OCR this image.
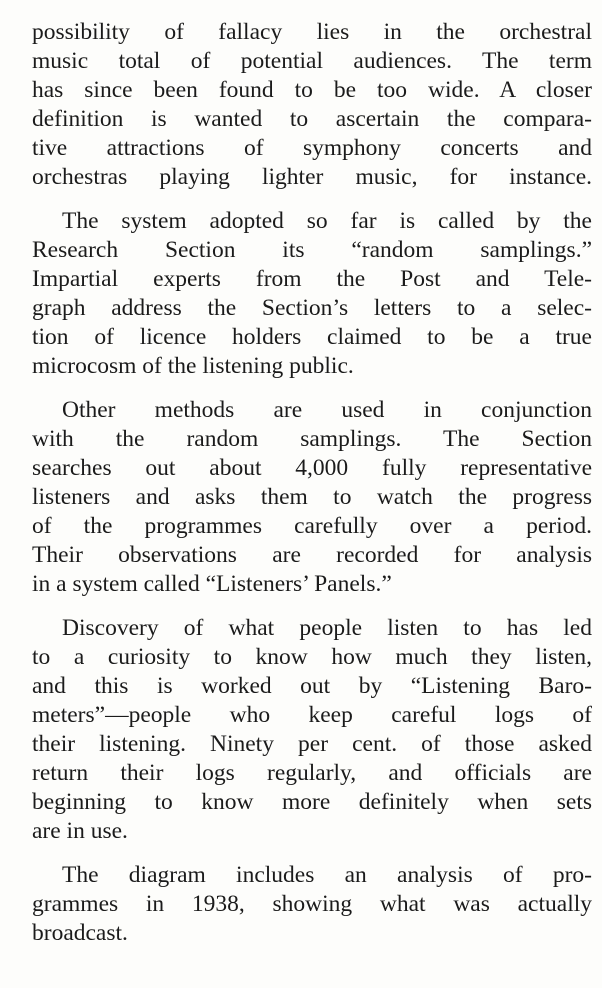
possibility of fallacy lies in the orchestral
music total of potential audiences. The term
has since been found to be too wide. A closer
definition is wanted to ascertain the compara-
tive attractions of symphony concerts and
orchestras playing lighter music, for instance.

The system adopted so far is called by the
Research Section its “random samplings.”
Impartial experts from the Post and Tele-
graph address the Section’s letters to a selec-
tion of licence holders claimed to be a true
microcosm of the listening public.

Other methods are used in conjunction
with the random samplings. The Section
searches out about 4,000 fully representative
listeners and asks them to watch the progress
of the programmes carefully over a period.
Their observations are recorded for analysis
in a system called “Listeners’ Panels.”

Discovery of what people listen to has led
to a curiosity to know how much they listen,
and this is worked out by “Listening Baro-
meters”—people who keep careful logs of
their listening. Ninety per cent. of those asked
return their logs regularly, and officials are
beginning to know more definitely when sets
are in use.

The diagram includes an analysis of pro-
grammes in 1938, showing what was actually
broadcast.
